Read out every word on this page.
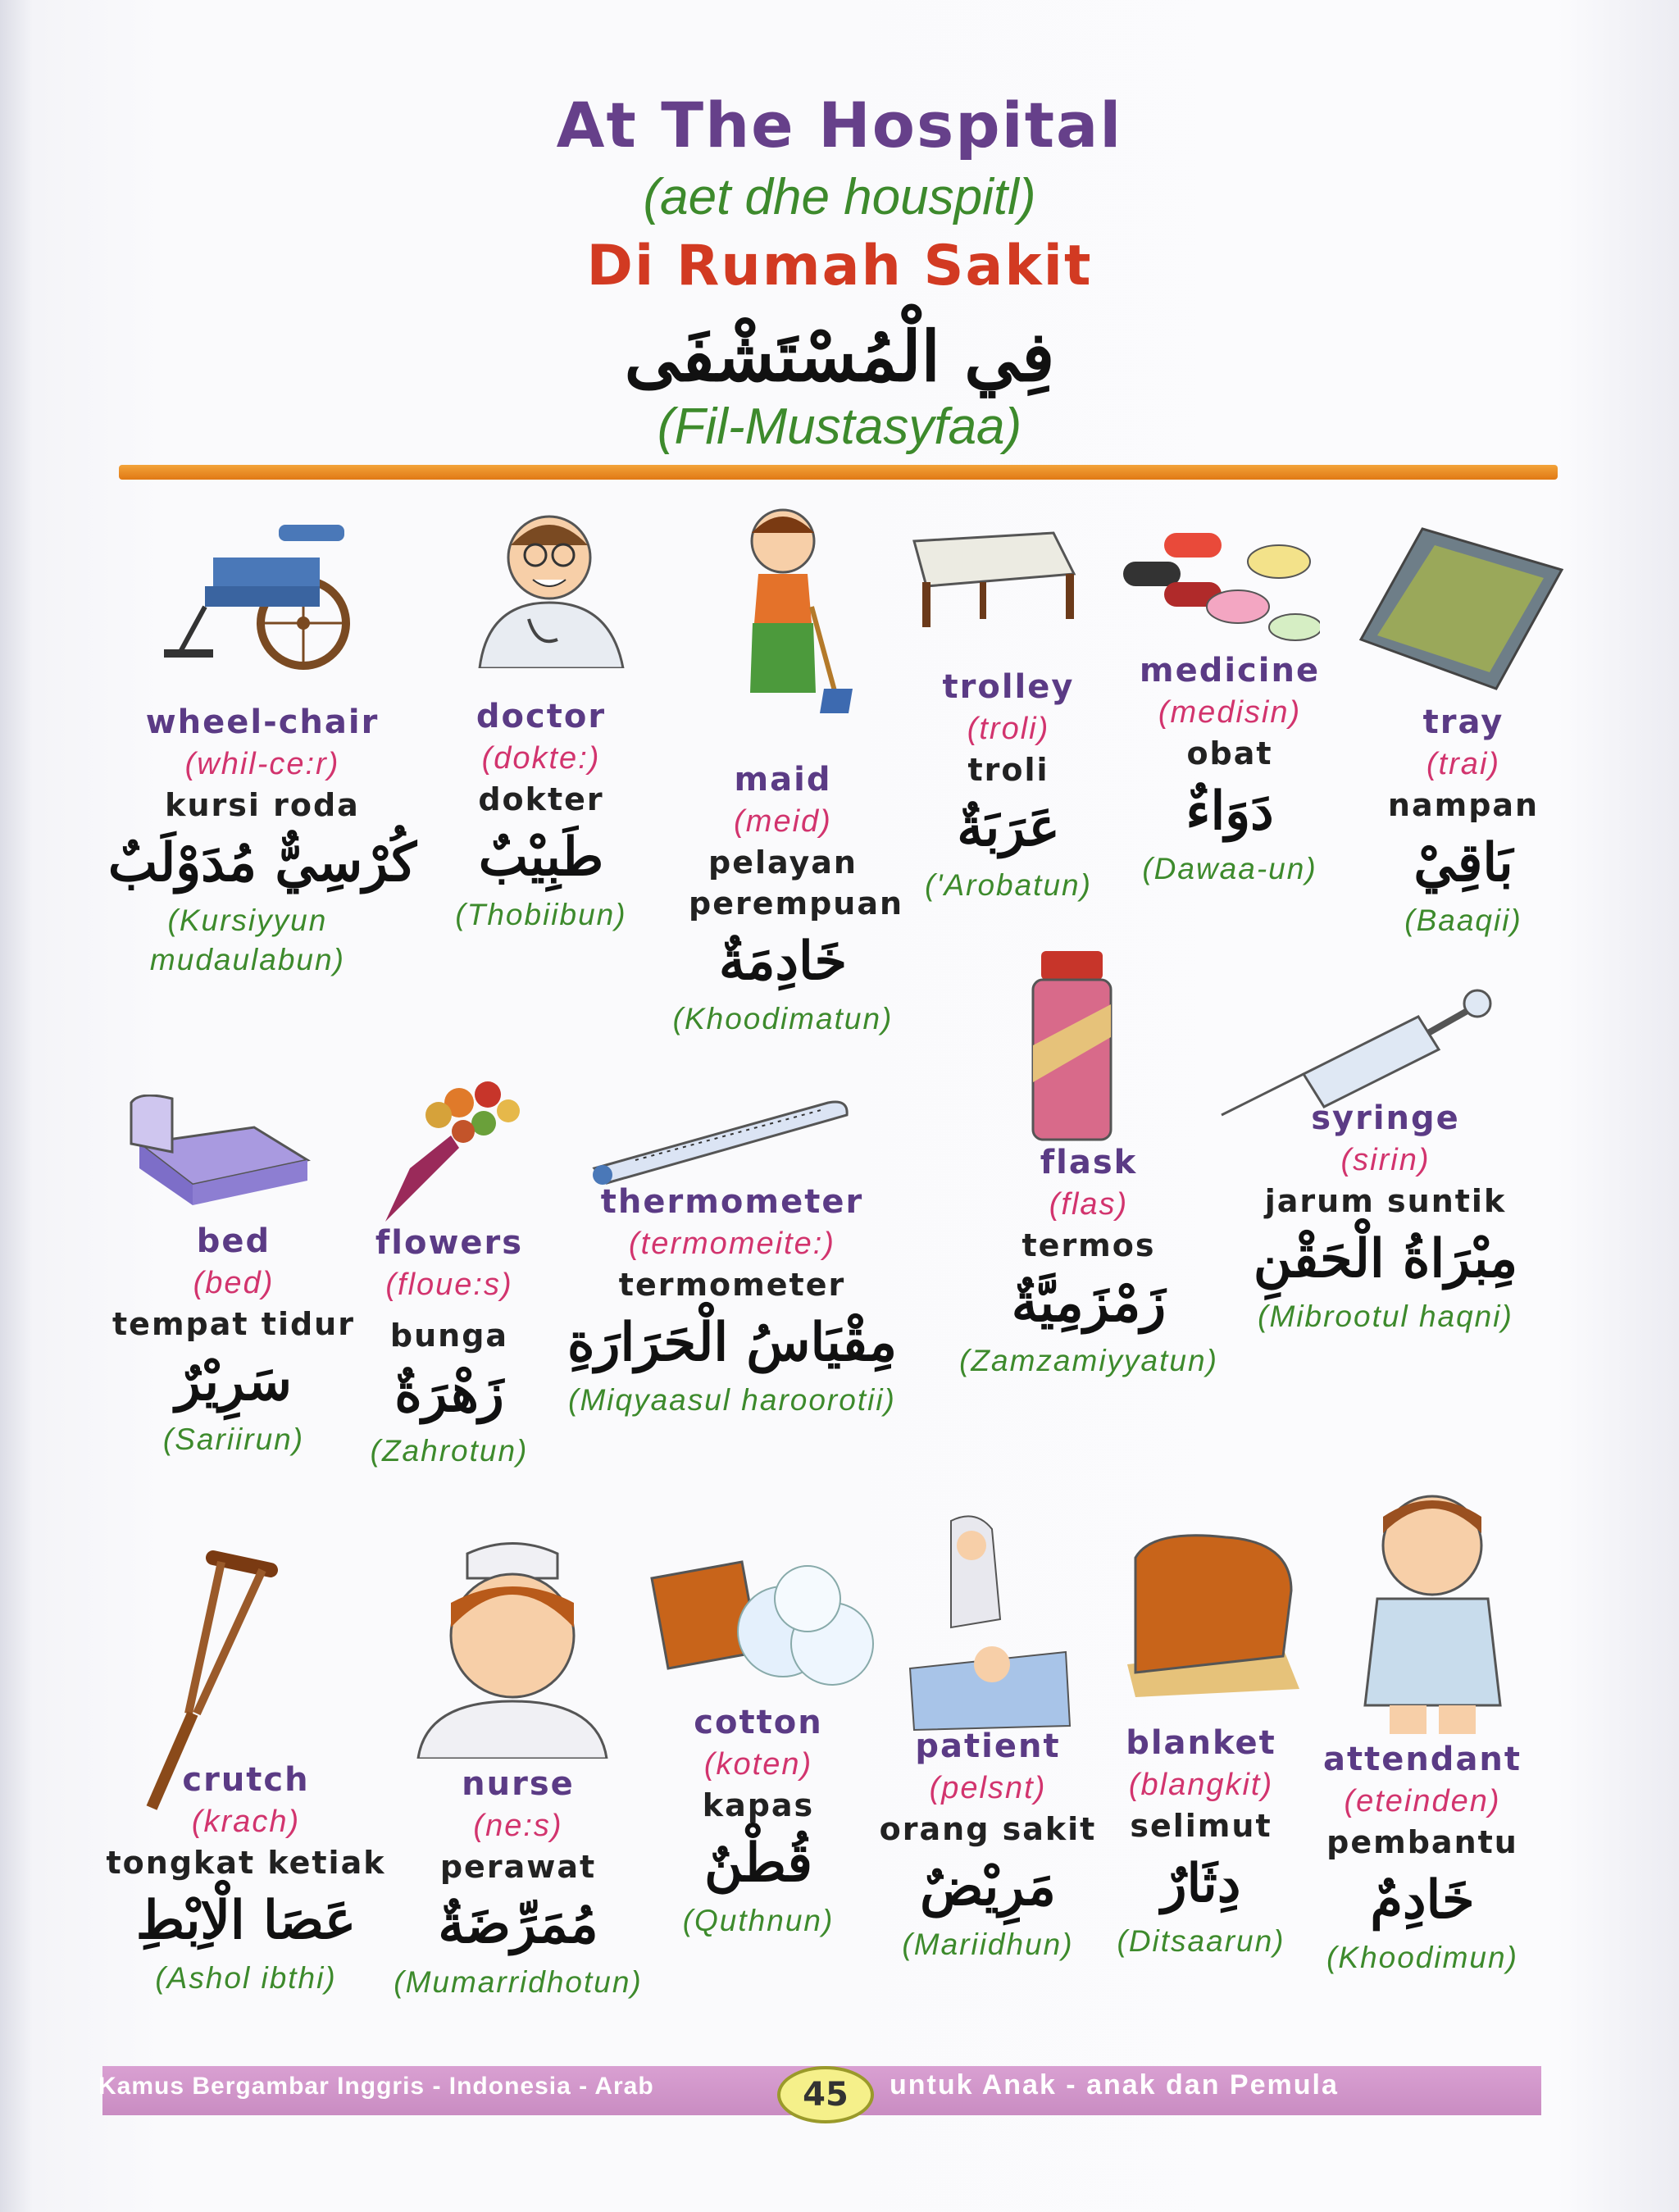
At The Hospital
(aet dhe houspitl)
Di Rumah Sakit
فِي الْمُسْتَشْفَى
(Fil-Mustasyfaa)
wheel-chair
(whil-ce:r)
kursi roda
كُرْسِيٌّ مُدَوْلَبٌ
(Kursiyyun mudaulabun)
doctor
(dokte:)
dokter
طَبِيْبٌ
(Thobiibun)
maid
(meid)
pelayan perempuan
خَادِمَةٌ
(Khoodimatun)
trolley
(troli)
troli
عَرَبَةٌ
('Arobatun)
medicine
(medisin)
obat
دَوَاءٌ
(Dawaa-un)
tray
(trai)
nampan
بَاقِيْ
(Baaqii)
bed
(bed)
tempat tidur
سَرِيْرٌ
(Sariirun)
flowers
(floue:s)
bunga
زَهْرَةٌ
(Zahrotun)
thermometer
(termomeite:)
termometer
مِقْيَاسُ الْحَرَارَةِ
(Miqyaasul haroorotii)
flask
(flas)
termos
زَمْزَمِيَّةٌ
(Zamzamiyyatun)
syringe
(sirin)
jarum suntik
مِبْرَاةُ الْحَقْنِ
(Mibrootul haqni)
crutch
(krach)
tongkat ketiak
عَصَا الْاِبْطِ
(Ashol ibthi)
nurse
(ne:s)
perawat
مُمَرِّضَةٌ
(Mumarridhotun)
cotton
(koten)
kapas
قُطْنٌ
(Quthnun)
patient
(pelsnt)
orang sakit
مَرِيْضٌ
(Mariidhun)
blanket
(blangkit)
selimut
دِثَارٌ
(Ditsaarun)
attendant
(eteinden)
pembantu
خَادِمٌ
(Khoodimun)
Kamus Bergambar Inggris - Indonesia - Arab	45	untuk Anak - anak dan Pemula
